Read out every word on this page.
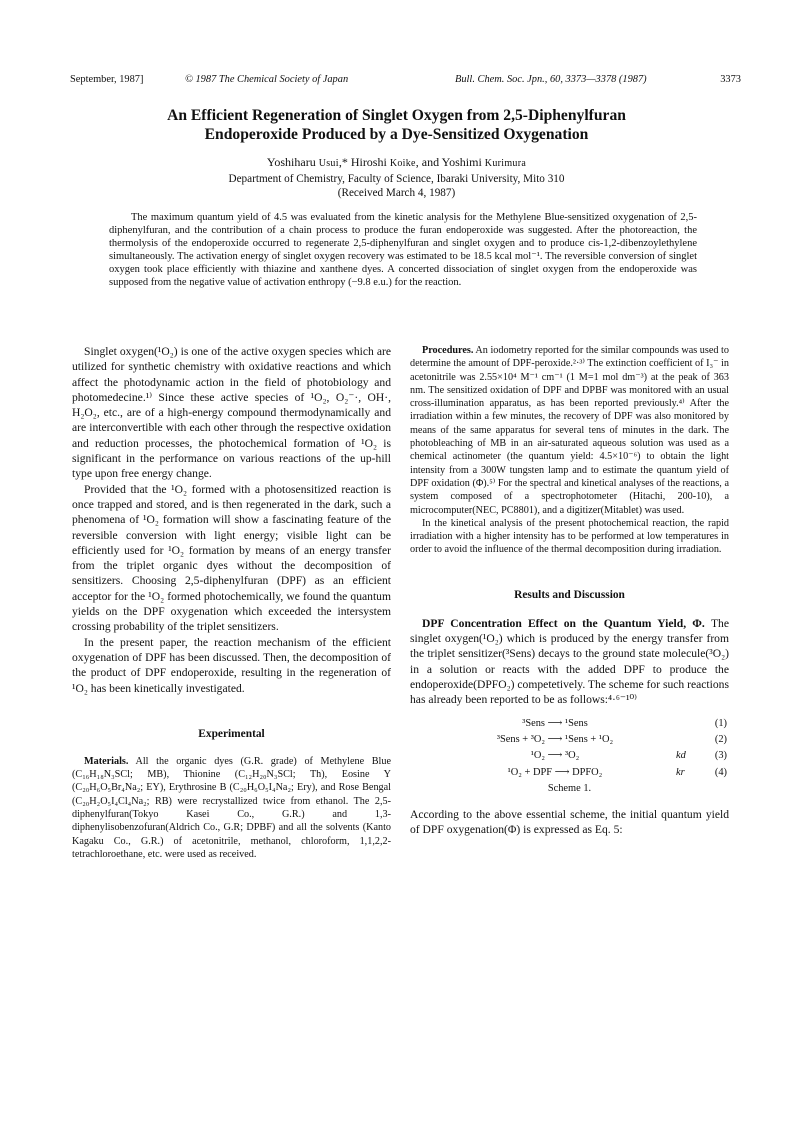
September, 1987]	© 1987 The Chemical Society of Japan	Bull. Chem. Soc. Jpn., 60, 3373—3378 (1987)	3373
An Efficient Regeneration of Singlet Oxygen from 2,5-Diphenylfuran
Endoperoxide Produced by a Dye-Sensitized Oxygenation
Yoshiharu Usui,* Hiroshi Koike, and Yoshimi Kurimura
Department of Chemistry, Faculty of Science, Ibaraki University, Mito 310
(Received March 4, 1987)

The maximum quantum yield of 4.5 was evaluated from the kinetic analysis for the Methylene Blue-sensitized oxygenation of 2,5-diphenylfuran, and the contribution of a chain process to produce the furan endoperoxide was suggested. After the photoreaction, the thermolysis of the endoperoxide occurred to regenerate 2,5-diphenylfuran and singlet oxygen and to produce cis-1,2-dibenzoylethylene simultaneously. The activation energy of singlet oxygen recovery was estimated to be 18.5 kcal mol⁻¹. The reversible conversion of singlet oxygen took place efficiently with thiazine and xanthene dyes. A concerted dissociation of singlet oxygen from the endoperoxide was supposed from the negative value of activation enthropy (−9.8 e.u.) for the reaction.

Singlet oxygen(¹O₂) is one of the active oxygen species which are utilized for synthetic chemistry with oxidative reactions and which affect the photodynamic action in the field of photobiology and photomedecine.¹⁾ Since these active species of ¹O₂, O₂⁻·, OH·, H₂O₂, etc., are of a high-energy compound thermodynamically and are interconvertible with each other through the respective oxidation and reduction processes, the photochemical formation of ¹O₂ is significant in the performance on various reactions of the up-hill type upon free energy change.

Provided that the ¹O₂ formed with a photosensitized reaction is once trapped and stored, and is then regenerated in the dark, such a phenomena of ¹O₂ formation will show a fascinating feature of the reversible conversion with light energy; visible light can be efficiently used for ¹O₂ formation by means of an energy transfer from the triplet organic dyes without the decomposition of sensitizers. Choosing 2,5-diphenylfuran (DPF) as an efficient acceptor for the ¹O₂ formed photochemically, we found the quantum yields on the DPF oxygenation which exceeded the intersystem crossing probability of the triplet sensitizers.

In the present paper, the reaction mechanism of the efficient oxygenation of DPF has been discussed. Then, the decomposition of the product of DPF endoperoxide, resulting in the regeneration of ¹O₂ has been kinetically investigated.

Experimental

Materials. All the organic dyes (G.R. grade) of Methylene Blue (C₁₆H₁₈N₃SCl; MB), Thionine (C₁₂H₂₀N₃SCl; Th), Eosine Y (C₂₀H₆O₅Br₄Na₂; EY), Erythrosine B (C₂₀H₆O₅I₄Na₂; Ery), and Rose Bengal (C₂₀H₂O₅I₄Cl₄Na₂; RB) were recrystallized twice from ethanol. The 2,5-diphenylfuran(Tokyo Kasei Co., G.R.) and 1,3-diphenylisobenzofuran(Aldrich Co., G.R; DPBF) and all the solvents (Kanto Kagaku Co., G.R.) of acetonitrile, methanol, chloroform, 1,1,2,2-tetrachloroethane, etc. were used as received.

Procedures. An iodometry reported for the similar compounds was used to determine the amount of DPF-peroxide.²·³⁾ The extinction coefficient of I₃⁻ in acetonitrile was 2.55×10⁴ M⁻¹ cm⁻¹ (1 M=1 mol dm⁻³) at the peak of 363 nm. The sensitized oxidation of DPF and DPBF was monitored with an usual cross-illumination apparatus, as has been reported previously.⁴⁾ After the irradiation within a few minutes, the recovery of DPF was also monitored by means of the same apparatus for several tens of minutes in the dark. The photobleaching of MB in an air-saturated aqueous solution was used as a chemical actinometer (the quantum yield: 4.5×10⁻⁶) to obtain the light intensity from a 300W tungsten lamp and to estimate the quantum yield of DPF oxidation (Φ).⁵⁾ For the spectral and kinetical analyses of the reactions, a system composed of a spectrophotometer (Hitachi, 200-10), a microcomputer(NEC, PC8801), and a digitizer(Mitablet) was used.

In the kinetical analysis of the present photochemical reaction, the rapid irradiation with a higher intensity has to be performed at low temperatures in order to avoid the influence of the thermal decomposition during irradiation.

Results and Discussion

DPF Concentration Effect on the Quantum Yield, Φ. The singlet oxygen(¹O₂) which is produced by the energy transfer from the triplet sensitizer(³Sens) decays to the ground state molecule(³O₂) in a solution or reacts with the added DPF to produce the endoperoxide(DPFO₂) competetively. The scheme for such reactions has already been reported to be as follows:⁴·⁶⁻¹⁰⁾

³Sens ⟶ ¹Sens	(1)
³Sens + ³O₂ ⟶ ¹Sens + ¹O₂	(2)
¹O₂ ⟶ ³O₂	kd	(3)
¹O₂ + DPF ⟶ DPFO₂	kr	(4)
Scheme 1.

According to the above essential scheme, the initial quantum yield of DPF oxygenation(Φ) is expressed as Eq. 5:
